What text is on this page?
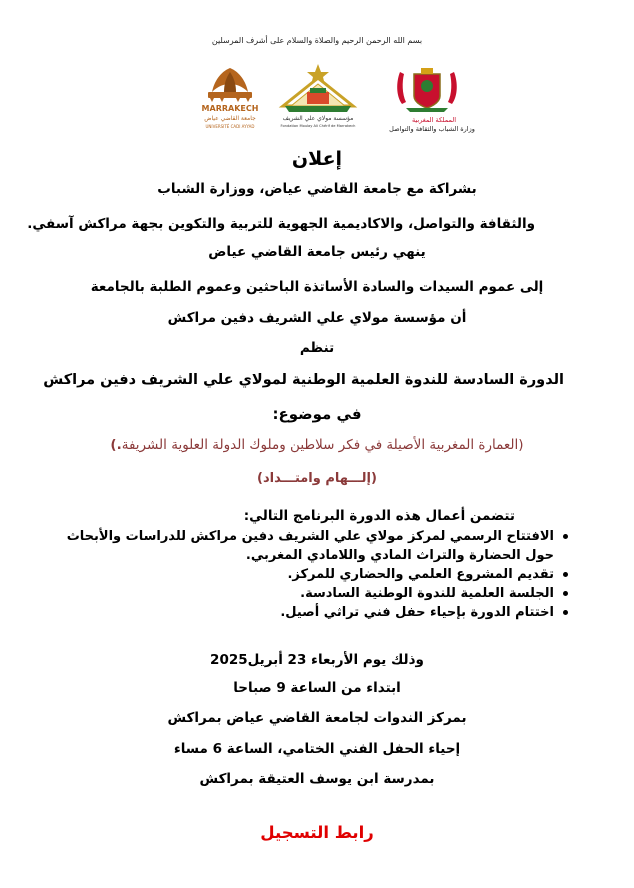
بسم الله الرحمن الرحيم والصلاة والسلام على أشرف المرسلين
MARRAKECH
جامعة القاضي عياض
UNIVERSITÉ CADI AYYAD
مؤسسة مولاي علي الشريف
Fondation Moulay Ali Chérif de Marrakech
المملكة المغربية
وزارة الشباب والثقافة والتواصل
إعلان
بشراكة مع جامعة القاضي عياض، ووزارة الشباب
والثقافة والتواصل، والاكاديمية الجهوية للتربية والتكوين بجهة مراكش آسفي.
ينهي رئيس جامعة القاضي عياض
إلى عموم السيدات والسادة الأساتذة الباحثين وعموم الطلبة بالجامعة
أن مؤسسة مولاي علي الشريف دفين مراكش
تنظم
الدورة السادسة للندوة العلمية الوطنية لمولاي علي الشريف دفين مراكش
في موضوع:
(العمارة المغربية الأصيلة في فكر سلاطين وملوك الدولة العلوية الشريفة.)
(إلـــهام وامتـــداد)
تتضمن أعمال هذه الدورة البرنامج التالي:
الافتتاح الرسمي لمركز مولاي علي الشريف دفين مراكش للدراسات والأبحاث حول الحضارة والتراث المادي واللامادي المغربي.
تقديم المشروع العلمي والحضاري للمركز.
الجلسة العلمية للندوة الوطنية السادسة.
اختتام الدورة بإحياء حفل فني تراثي أصيل.
وذلك يوم الأربعاء 23 أبريل2025
ابتداء من الساعة 9 صباحا
بمركز الندوات لجامعة القاضي عياض بمراكش
إحياء الحفل الفني الختامي، الساعة 6 مساء
بمدرسة ابن يوسف العتيقة بمراكش
رابط التسجيل
